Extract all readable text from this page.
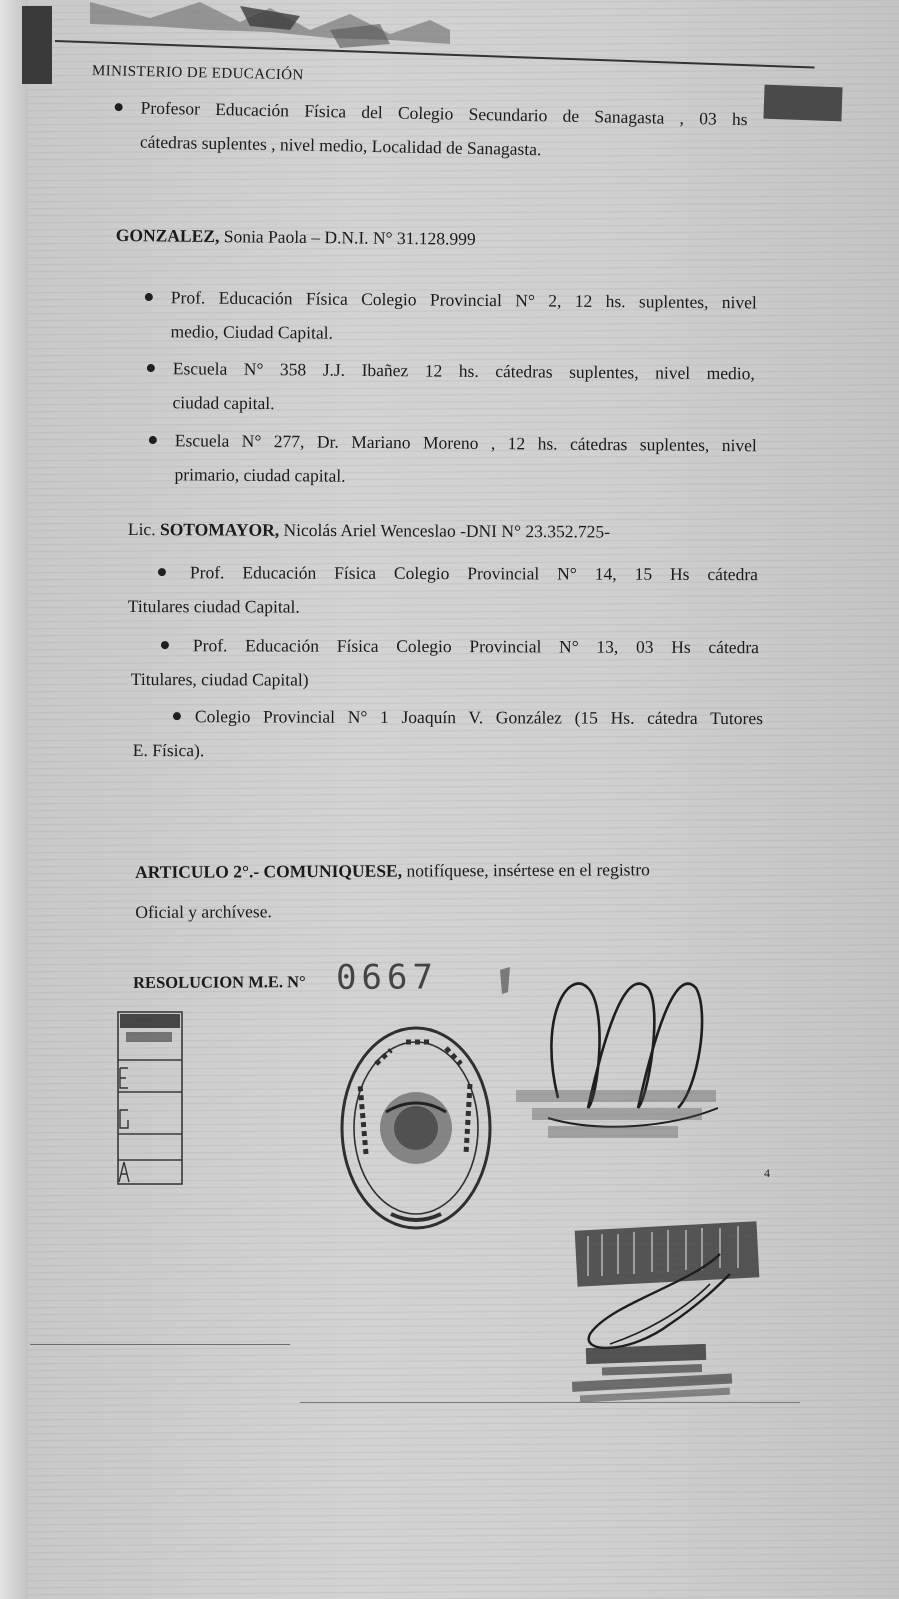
MINISTERIO DE EDUCACIÓN
Profesor Educación Física del Colegio Secundario de Sanagasta , 03 hs
cátedras suplentes , nivel medio, Localidad de Sanagasta.
GONZALEZ, Sonia Paola – D.N.I. N° 31.128.999
Prof. Educación Física Colegio Provincial N° 2, 12 hs. suplentes, nivel
medio, Ciudad Capital.
Escuela N° 358 J.J. Ibañez 12 hs. cátedras suplentes, nivel medio,
ciudad capital.
Escuela N° 277, Dr. Mariano Moreno , 12 hs. cátedras suplentes, nivel
primario, ciudad capital.
Lic. SOTOMAYOR, Nicolás Ariel Wenceslao -DNI N° 23.352.725-
Prof. Educación Física Colegio Provincial N° 14, 15 Hs cátedra
Titulares ciudad Capital.
Prof. Educación Física Colegio Provincial N° 13, 03 Hs cátedra
Titulares, ciudad Capital)
Colegio Provincial N° 1 Joaquín V. González (15 Hs. cátedra Tutores
E. Física).
ARTICULO 2°.- COMUNIQUESE, notifíquese, insértese en el registro
Oficial y archívese.
RESOLUCION M.E. N° 0667
4
